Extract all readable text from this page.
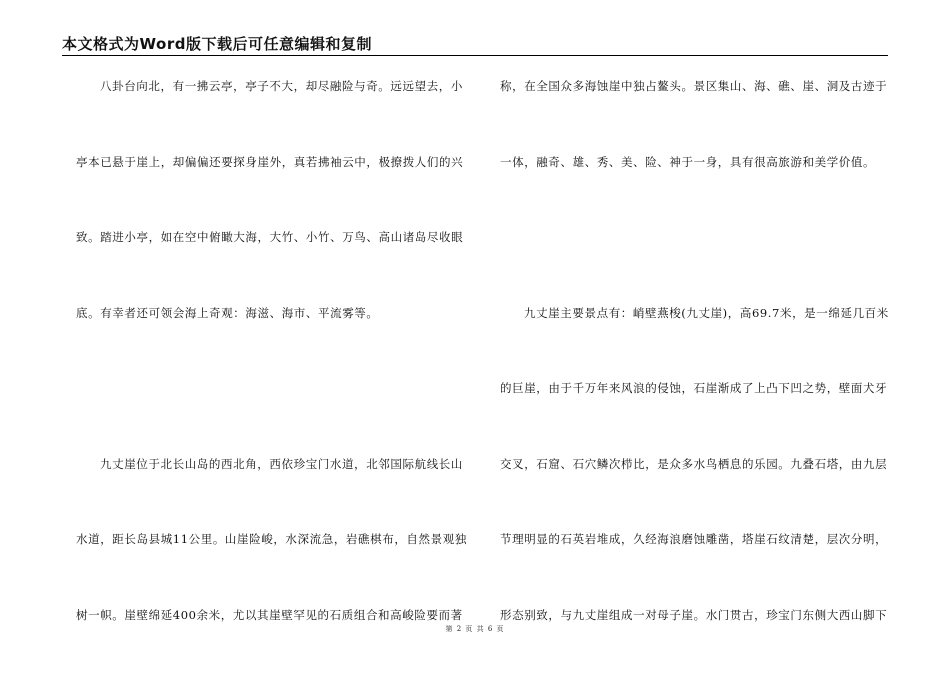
本文格式为Word版下载后可任意编辑和复制
八卦台向北，有一拂云亭，亭子不大，却尽融险与奇。远远望去，小
亭本已悬于崖上，却偏偏还要探身崖外，真若拂袖云中，极撩拨人们的兴
致。踏进小亭，如在空中俯瞰大海，大竹、小竹、万鸟、高山诸岛尽收眼
底。有幸者还可领会海上奇观：海滋、海市、平流雾等。
九丈崖位于北长山岛的西北角，西依珍宝门水道，北邻国际航线长山
水道，距长岛县城11公里。山崖险峻，水深流急，岩礁棋布，自然景观独
树一帜。崖壁绵延400余米，尤以其崖壁罕见的石质组合和高峻险要而著
称，在全国众多海蚀崖中独占鳌头。景区集山、海、礁、崖、洞及古迹于
一体，融奇、雄、秀、美、险、神于一身，具有很高旅游和美学价值。
九丈崖主要景点有：峭壁燕梭(九丈崖)，高69.7米，是一绵延几百米
的巨崖，由于千万年来风浪的侵蚀，石崖渐成了上凸下凹之势，壁面犬牙
交叉，石窟、石穴鳞次栉比，是众多水鸟栖息的乐园。九叠石塔，由九层
节理明显的石英岩堆成，久经海浪磨蚀雕凿，塔崖石纹清楚，层次分明，
形态别致，与九丈崖组成一对母子崖。水门贯古，珍宝门东侧大西山脚下
第 2 页 共 6 页
